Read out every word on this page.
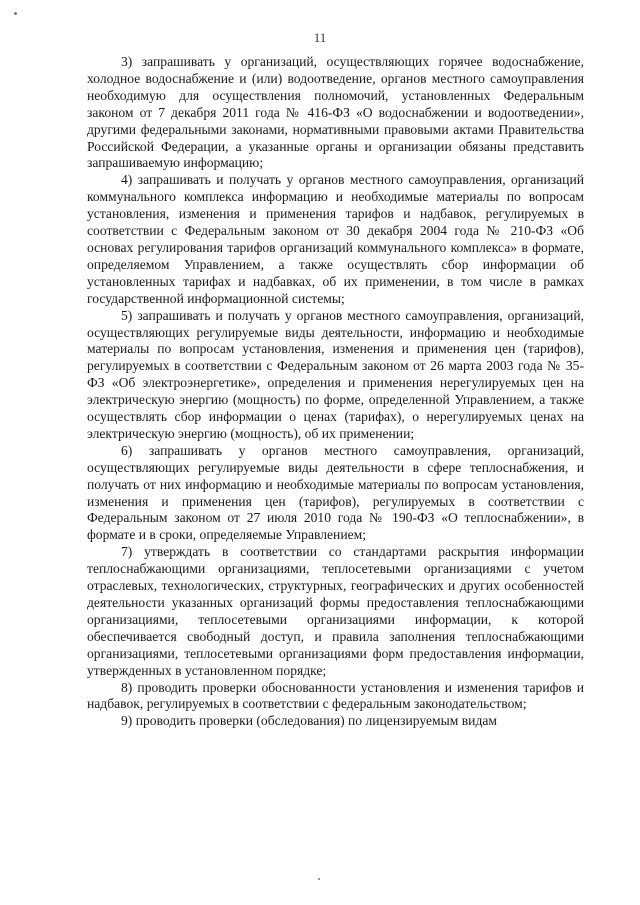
11

3) запрашивать у организаций, осуществляющих горячее водоснабжение, холодное водоснабжение и (или) водоотведение, органов местного самоуправления необходимую для осуществления полномочий, установленных Федеральным законом от 7 декабря 2011 года № 416-ФЗ «О водоснабжении и водоотведении», другими федеральными законами, нормативными правовыми актами Правительства Российской Федерации, а указанные органы и организации обязаны представить запрашиваемую информацию;

4) запрашивать и получать у органов местного самоуправления, организаций коммунального комплекса информацию и необходимые материалы по вопросам установления, изменения и применения тарифов и надбавок, регулируемых в соответствии с Федеральным законом от 30 декабря 2004 года № 210-ФЗ «Об основах регулирования тарифов организаций коммунального комплекса» в формате, определяемом Управлением, а также осуществлять сбор информации об установленных тарифах и надбавках, об их применении, в том числе в рамках государственной информационной системы;

5) запрашивать и получать у органов местного самоуправления, организаций, осуществляющих регулируемые виды деятельности, информацию и необходимые материалы по вопросам установления, изменения и применения цен (тарифов), регулируемых в соответствии с Федеральным законом от 26 марта 2003 года № 35-ФЗ «Об электроэнергетике», определения и применения нерегулируемых цен на электрическую энергию (мощность) по форме, определенной Управлением, а также осуществлять сбор информации о ценах (тарифах), о нерегулируемых ценах на электрическую энергию (мощность), об их применении;

6) запрашивать у органов местного самоуправления, организаций, осуществляющих регулируемые виды деятельности в сфере теплоснабжения, и получать от них информацию и необходимые материалы по вопросам установления, изменения и применения цен (тарифов), регулируемых в соответствии с Федеральным законом от 27 июля 2010 года № 190-ФЗ «О теплоснабжении», в формате и в сроки, определяемые Управлением;

7) утверждать в соответствии со стандартами раскрытия информации теплоснабжающими организациями, теплосетевыми организациями с учетом отраслевых, технологических, структурных, географических и других особенностей деятельности указанных организаций формы предоставления теплоснабжающими организациями, теплосетевыми организациями информации, к которой обеспечивается свободный доступ, и правила заполнения теплоснабжающими организациями, теплосетевыми организациями форм предоставления информации, утвержденных в установленном порядке;

8) проводить проверки обоснованности установления и изменения тарифов и надбавок, регулируемых в соответствии с федеральным законодательством;

9) проводить проверки (обследования) по лицензируемым видам
